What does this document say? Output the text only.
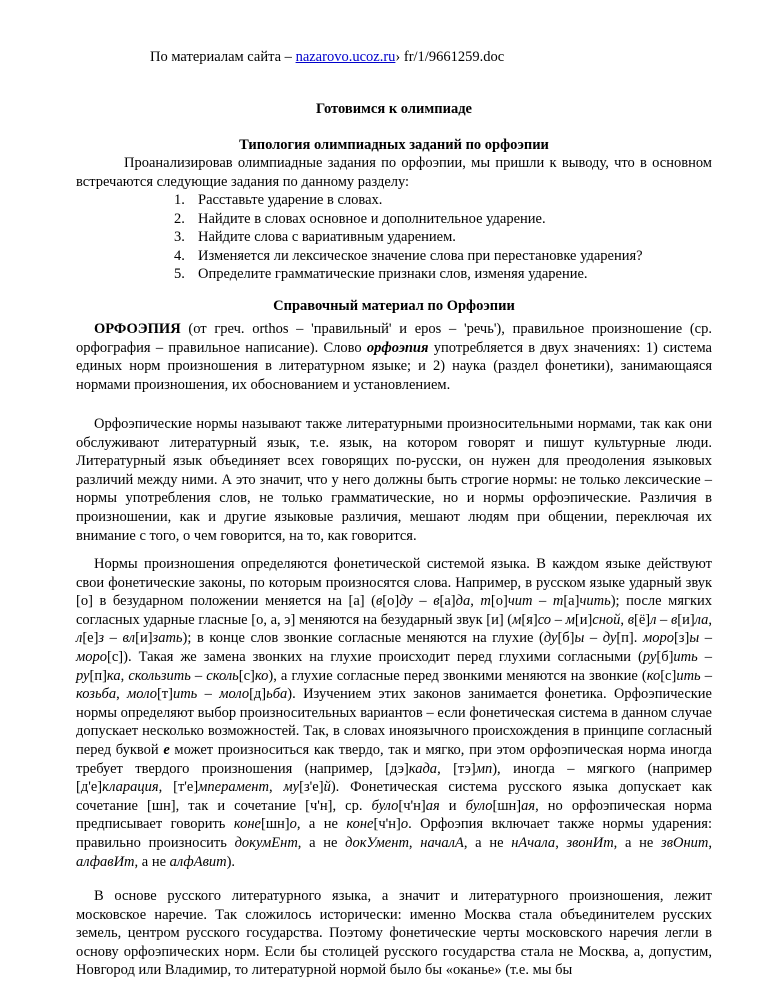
По материалам сайта – nazarovo.ucoz.ru› fr/1/9661259.doc
Готовимся к олимпиаде
Типология олимпиадных заданий по орфоэпии
Проанализировав олимпиадные задания по орфоэпии, мы пришли к выводу, что в основном встречаются следующие задания по данному разделу:
1. Расставьте ударение в словах.
2. Найдите в словах основное и дополнительное ударение.
3. Найдите слова с вариативным ударением.
4. Изменяется ли лексическое значение слова при перестановке ударения?
5. Определите грамматические признаки слов, изменяя ударение.
Справочный материал по Орфоэпии
ОРФОЭПИЯ (от греч. orthos – 'правильный' и epos – 'речь'), правильное произношение (ср. орфография – правильное написание). Слово орфоэпия употребляется в двух значениях: 1) система единых норм произношения в литературном языке; и 2) наука (раздел фонетики), занимающаяся нормами произношения, их обоснованием и установлением.
Орфоэпические нормы называют также литературными произносительными нормами, так как они обслуживают литературный язык, т.е. язык, на котором говорят и пишут культурные люди. Литературный язык объединяет всех говорящих по-русски, он нужен для преодоления языковых различий между ними. А это значит, что у него должны быть строгие нормы: не только лексические – нормы употребления слов, не только грамматические, но и нормы орфоэпические. Различия в произношении, как и другие языковые различия, мешают людям при общении, переключая их внимание с того, о чем говорится, на то, как говорится.
Нормы произношения определяются фонетической системой языка. В каждом языке действуют свои фонетические законы, по которым произносятся слова. Например, в русском языке ударный звук [о] в безударном положении меняется на [а] (в[о]ду – в[а]да, т[о]чит – т[а]чить); после мягких согласных ударные гласные [о, а, э] меняются на безударный звук [и] (м[я]со – м[и]сной, в[ё]л – в[и]ла, л[е]з – вл[и]зать); в конце слов звонкие согласные меняются на глухие (ду[б]ы – ду[п]. моро[з]ы – моро[с]). Такая же замена звонких на глухие происходит перед глухими согласными (ру[б]ить – ру[п]ка, скользить – сколь[с]ко), а глухие согласные перед звонкими меняются на звонкие (ко[с]ить – козьба, моло[т]ить – моло[д]ьба). Изучением этих законов занимается фонетика. Орфоэпические нормы определяют выбор произносительных вариантов – если фонетическая система в данном случае допускает несколько возможностей. Так, в словах иноязычного происхождения в принципе согласный перед буквой е может произноситься как твердо, так и мягко, при этом орфоэпическая норма иногда требует твердого произношения (например, [дэ]када, [тэ]мп), иногда – мягкого (например [д'е]кларация, [т'е]мперамент, му[з'е]й). Фонетическая система русского языка допускает как сочетание [шн], так и сочетание [ч'н], ср. було[ч'н]ая и було[шн]ая, но орфоэпическая норма предписывает говорить коне[шн]о, а не коне[ч'н]о. Орфоэпия включает также нормы ударения: правильно произносить докумЕнт, а не докУмент, началА, а не нАчала, звонИт, а не звОнит, алфавИт, а не алфАвит).
В основе русского литературного языка, а значит и литературного произношения, лежит московское наречие. Так сложилось исторически: именно Москва стала объединителем русских земель, центром русского государства. Поэтому фонетические черты московского наречия легли в основу орфоэпических норм. Если бы столицей русского государства стала не Москва, а, допустим, Новгород или Владимир, то литературной нормой было бы «оканье» (т.е. мы бы
